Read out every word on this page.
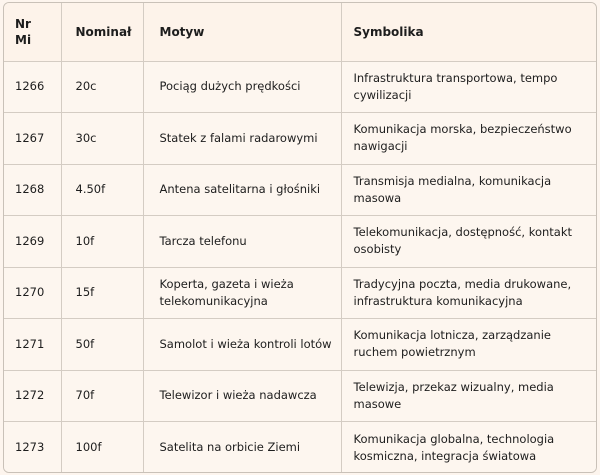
Nr Mi	Nominał	Motyw	Symbolika
1266	20c	Pociąg dużych prędkości	Infrastruktura transportowa, tempo cywilizacji
1267	30c	Statek z falami radarowymi	Komunikacja morska, bezpieczeństwo nawigacji
1268	4.50f	Antena satelitarna i głośniki	Transmisja medialna, komunikacja masowa
1269	10f	Tarcza telefonu	Telekomunikacja, dostępność, kontakt osobisty
1270	15f	Koperta, gazeta i wieża telekomunikacyjna	Tradycyjna poczta, media drukowane, infrastruktura komunikacyjna
1271	50f	Samolot i wieża kontroli lotów	Komunikacja lotnicza, zarządzanie ruchem powietrznym
1272	70f	Telewizor i wieża nadawcza	Telewizja, przekaz wizualny, media masowe
1273	100f	Satelita na orbicie Ziemi	Komunikacja globalna, technologia kosmiczna, integracja światowa
